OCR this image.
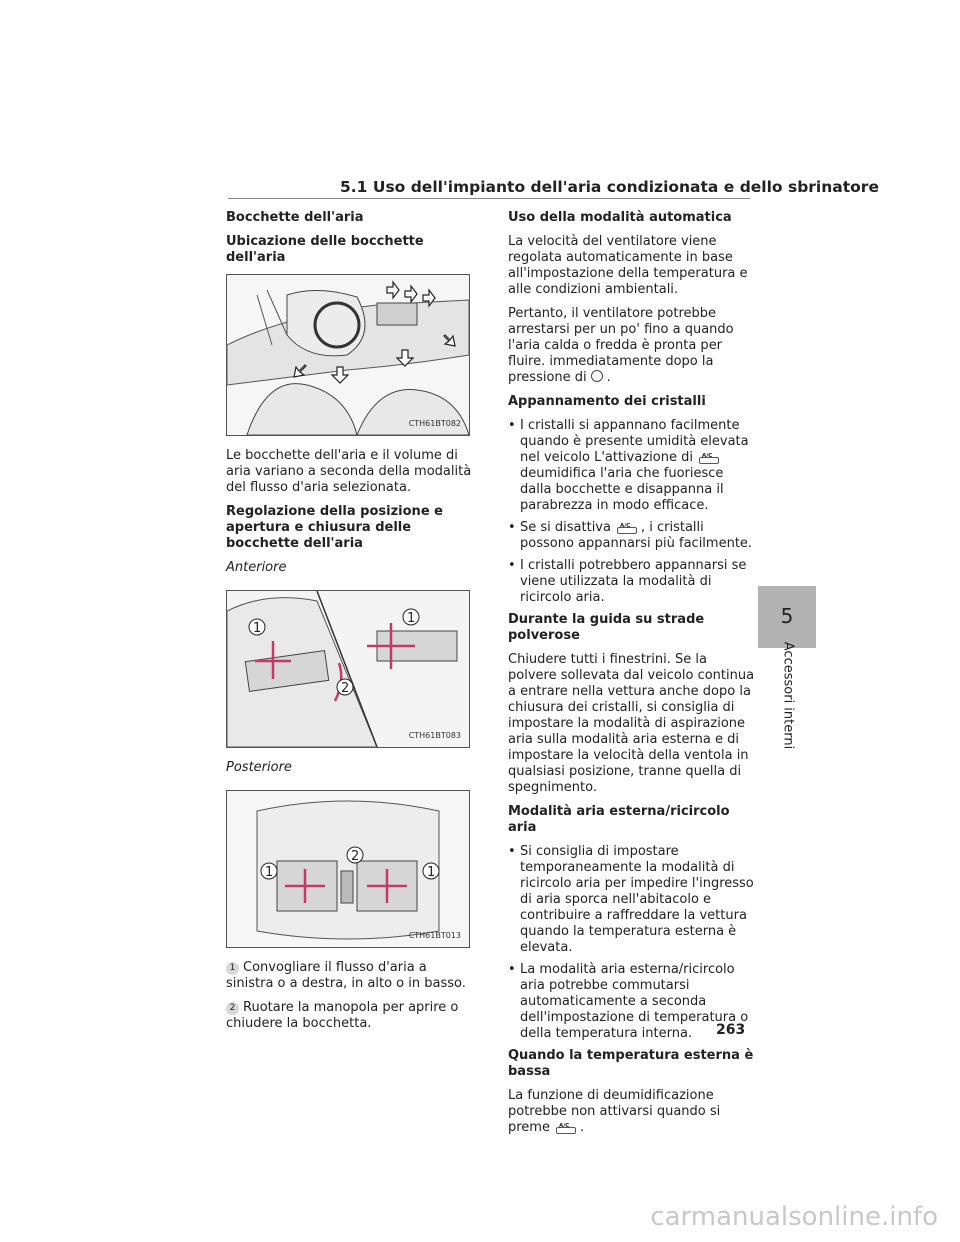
5.1 Uso dell'impianto dell'aria condizionata e dello sbrinatore
Bocchette dell'aria
Ubicazione delle bocchette dell'aria
CTH61BT082
Le bocchette dell'aria e il volume di aria variano a seconda della modalità del flusso d'aria selezionata.
Regolazione della posizione e apertura e chiusura delle bocchette dell'aria
Anteriore
1
1
2
CTH61BT083
Posteriore
1
2
1
CTH61BT013
1 Convogliare il flusso d'aria a sinistra o a destra, in alto o in basso.
2 Ruotare la manopola per aprire o chiudere la bocchetta.
Uso della modalità automatica
La velocità del ventilatore viene regolata automaticamente in base all'impostazione della temperatura e alle condizioni ambientali.
Pertanto, il ventilatore potrebbe arrestarsi per un po' fino a quando l'aria calda o fredda è pronta per fluire. immediatamente dopo la pressione di .
Appannamento dei cristalli
• I cristalli si appannano facilmente quando è presente umidità elevata nel veicolo L'attivazione di A/C
deumidifica l'aria che fuoriesce dalla bocchette e disappanna il parabrezza in modo efficace.
• Se si disattiva A/C , i cristalli possono appannarsi più facilmente.
• I cristalli potrebbero appannarsi se viene utilizzata la modalità di ricircolo aria.
Durante la guida su strade polverose
Chiudere tutti i finestrini. Se la polvere sollevata dal veicolo continua a entrare nella vettura anche dopo la chiusura dei cristalli, si consiglia di impostare la modalità di aspirazione aria sulla modalità aria esterna e di impostare la velocità della ventola in qualsiasi posizione, tranne quella di spegnimento.
Modalità aria esterna/ricircolo aria
• Si consiglia di impostare temporaneamente la modalità di ricircolo aria per impedire l'ingresso di aria sporca nell'abitacolo e contribuire a raffreddare la vettura quando la temperatura esterna è elevata.
• La modalità aria esterna/ricircolo aria potrebbe commutarsi automaticamente a seconda dell'impostazione di temperatura o della temperatura interna.
Quando la temperatura esterna è bassa
La funzione di deumidificazione potrebbe non attivarsi quando si preme A/C .
5
Accessori interni
263
carmanualsonline.info
